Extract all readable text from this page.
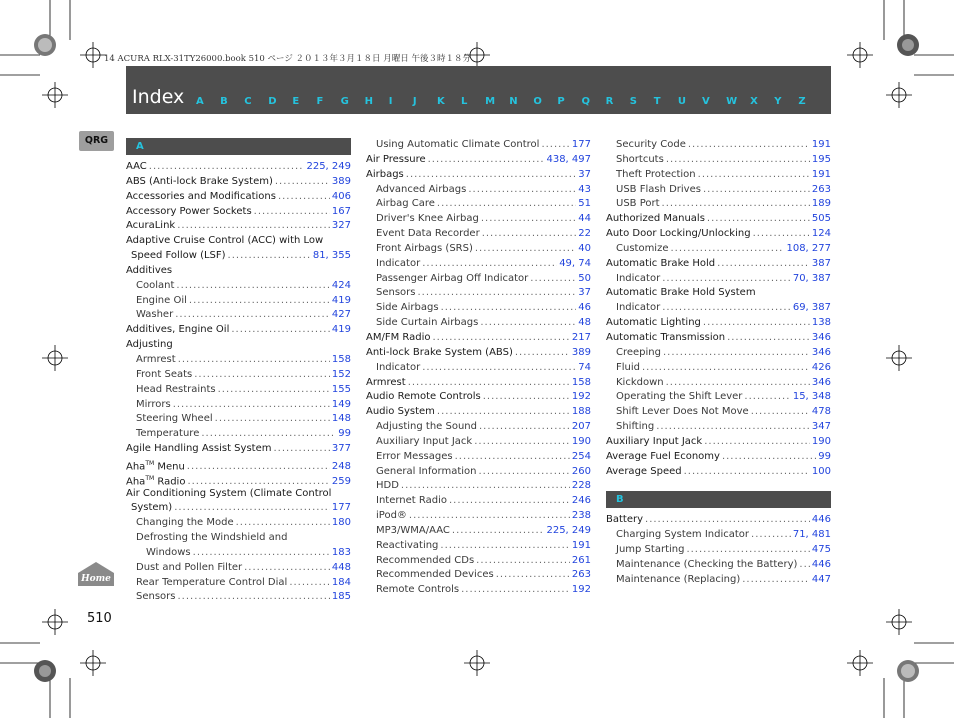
14 ACURA RLX-31TY26000.book 510 ページ ２０１３年３月１８日 月曜日 午後３時１８分
Index A B C D E F G H I J K L M N O P Q R S T U V W X Y Z
QRG
Home
510
A
AAC .....	225, 249
ABS (Anti-lock Brake System) .....	389
Accessories and Modifications .....	406
Accessory Power Sockets .....	167
AcuraLink .....	327
Adaptive Cruise Control (ACC) with Low
Speed Follow (LSF) .....	81, 355
Additives
Coolant .....	424
Engine Oil .....	419
Washer .....	427
Additives, Engine Oil .....	419
Adjusting
Armrest .....	158
Front Seats .....	152
Head Restraints .....	155
Mirrors .....	149
Steering Wheel .....	148
Temperature .....	99
Agile Handling Assist System .....	377
Aha™ Menu .....	248
Aha™ Radio .....	259
Air Conditioning System (Climate Control
System) .....	177
Changing the Mode .....	180
Defrosting the Windshield and
Windows .....	183
Dust and Pollen Filter .....	448
Rear Temperature Control Dial .....	184
Sensors .....	185
Using Automatic Climate Control .....	177
Air Pressure .....	438, 497
Airbags .....	37
Advanced Airbags .....	43
Airbag Care .....	51
Driver's Knee Airbag .....	44
Event Data Recorder .....	22
Front Airbags (SRS) .....	40
Indicator .....	49, 74
Passenger Airbag Off Indicator .....	50
Sensors .....	37
Side Airbags .....	46
Side Curtain Airbags .....	48
AM/FM Radio .....	217
Anti-lock Brake System (ABS) .....	389
Indicator .....	74
Armrest .....	158
Audio Remote Controls .....	192
Audio System .....	188
Adjusting the Sound .....	207
Auxiliary Input Jack .....	190
Error Messages .....	254
General Information .....	260
HDD .....	228
Internet Radio .....	246
iPod® .....	238
MP3/WMA/AAC .....	225, 249
Reactivating .....	191
Recommended CDs .....	261
Recommended Devices .....	263
Remote Controls .....	192
Security Code .....	191
Shortcuts .....	195
Theft Protection .....	191
USB Flash Drives .....	263
USB Port .....	189
Authorized Manuals .....	505
Auto Door Locking/Unlocking .....	124
Customize .....	108, 277
Automatic Brake Hold .....	387
Indicator .....	70, 387
Automatic Brake Hold System
Indicator .....	69, 387
Automatic Lighting .....	138
Automatic Transmission .....	346
Creeping .....	346
Fluid .....	426
Kickdown .....	346
Operating the Shift Lever .....	15, 348
Shift Lever Does Not Move .....	478
Shifting .....	347
Auxiliary Input Jack .....	190
Average Fuel Economy .....	99
Average Speed .....	100
B
Battery .....	446
Charging System Indicator .....	71, 481
Jump Starting .....	475
Maintenance (Checking the Battery) ..... 446
Maintenance (Replacing) .....	447
